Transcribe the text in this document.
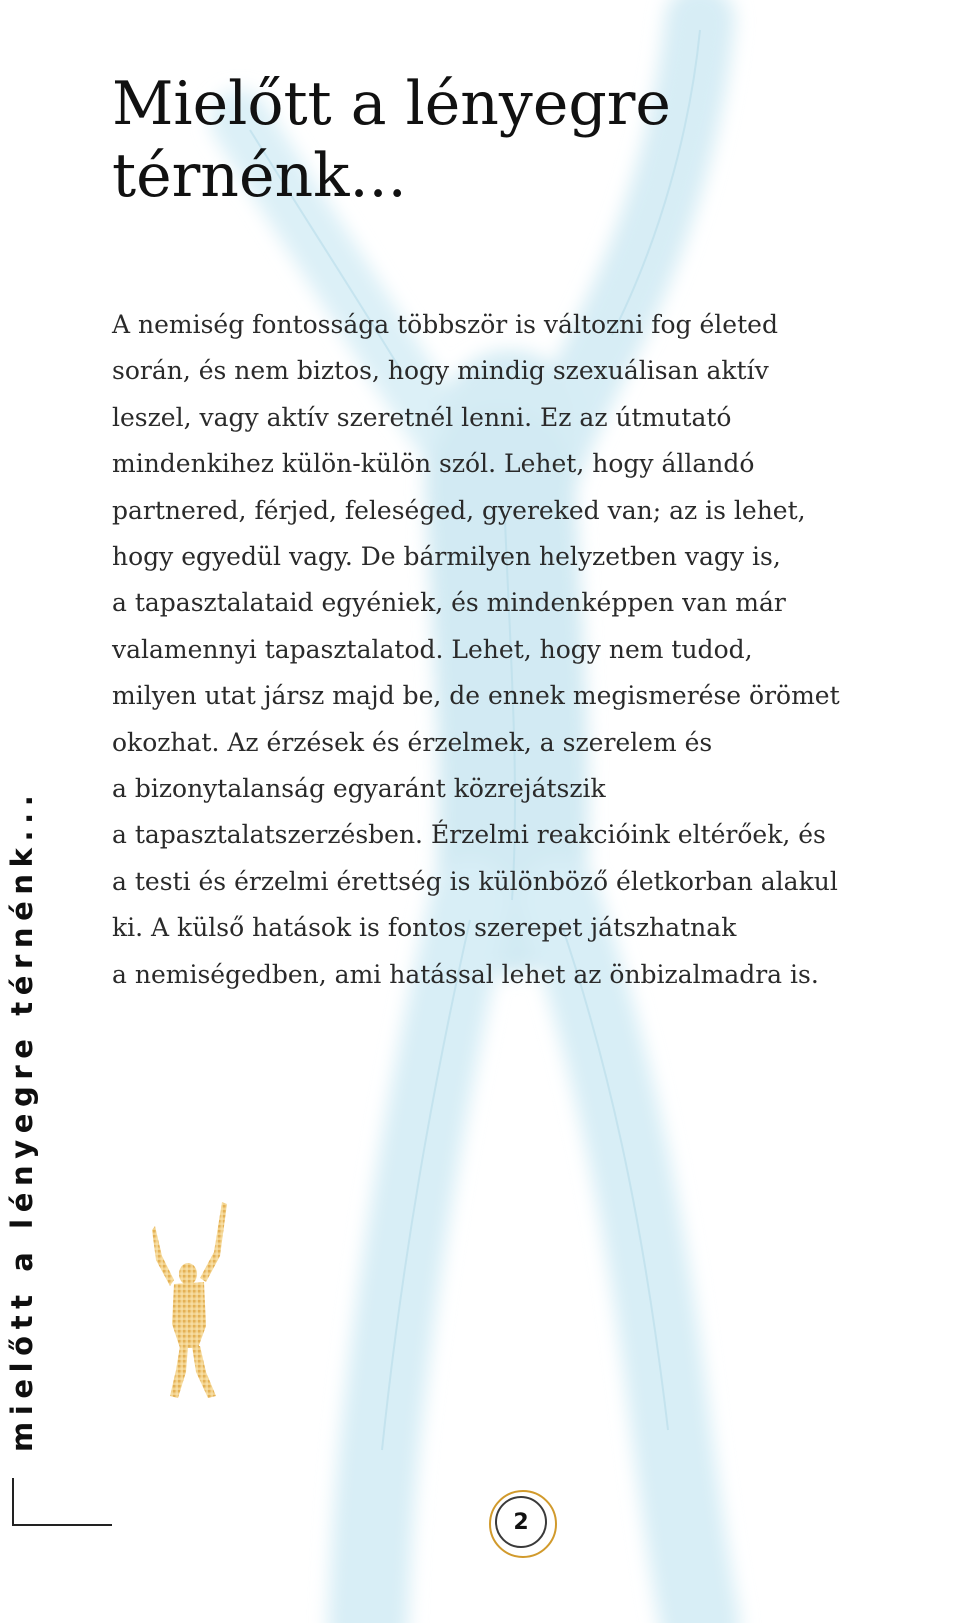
Mielőtt a lényegre
térnénk...

A nemiség fontossága többször is változni fog életed
során, és nem biztos, hogy mindig szexuálisan aktív
leszel, vagy aktív szeretnél lenni. Ez az útmutató
mindenkihez külön-külön szól. Lehet, hogy állandó
partnered, férjed, feleséged, gyereked van; az is lehet,
hogy egyedül vagy. De bármilyen helyzetben vagy is,
a tapasztalataid egyéniek, és mindenképpen van már
valamennyi tapasztalatod. Lehet, hogy nem tudod,
milyen utat jársz majd be, de ennek megismerése örömet
okozhat. Az érzések és érzelmek, a szerelem és
a bizonytalanság egyaránt közrejátszik
a tapasztalatszerzésben. Érzelmi reakcióink eltérőek, és
a testi és érzelmi érettség is különböző életkorban alakul
ki. A külső hatások is fontos szerepet játszhatnak
a nemiségedben, ami hatással lehet az önbizalmadra is.

mielőtt a lényegre térnénk...
2
